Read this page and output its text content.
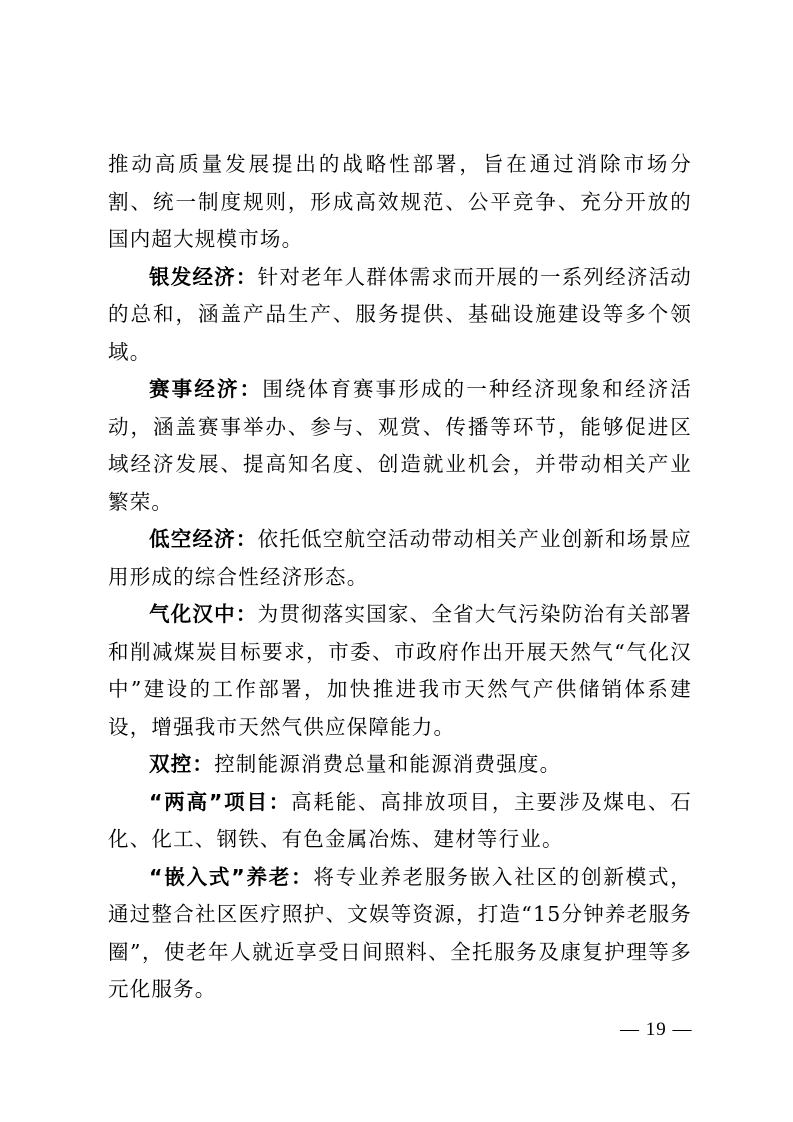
推动高质量发展提出的战略性部署，旨在通过消除市场分割、统一制度规则，形成高效规范、公平竞争、充分开放的国内超大规模市场。

银发经济：针对老年人群体需求而开展的一系列经济活动的总和，涵盖产品生产、服务提供、基础设施建设等多个领域。

赛事经济：围绕体育赛事形成的一种经济现象和经济活动，涵盖赛事举办、参与、观赏、传播等环节，能够促进区域经济发展、提高知名度、创造就业机会，并带动相关产业繁荣。

低空经济：依托低空航空活动带动相关产业创新和场景应用形成的综合性经济形态。

气化汉中：为贯彻落实国家、全省大气污染防治有关部署和削减煤炭目标要求，市委、市政府作出开展天然气“气化汉中”建设的工作部署，加快推进我市天然气产供储销体系建设，增强我市天然气供应保障能力。

双控：控制能源消费总量和能源消费强度。

“两高”项目：高耗能、高排放项目，主要涉及煤电、石化、化工、钢铁、有色金属冶炼、建材等行业。

“嵌入式”养老：将专业养老服务嵌入社区的创新模式，通过整合社区医疗照护、文娱等资源，打造“15分钟养老服务圈”，使老年人就近享受日间照料、全托服务及康复护理等多元化服务。

— 19 —
